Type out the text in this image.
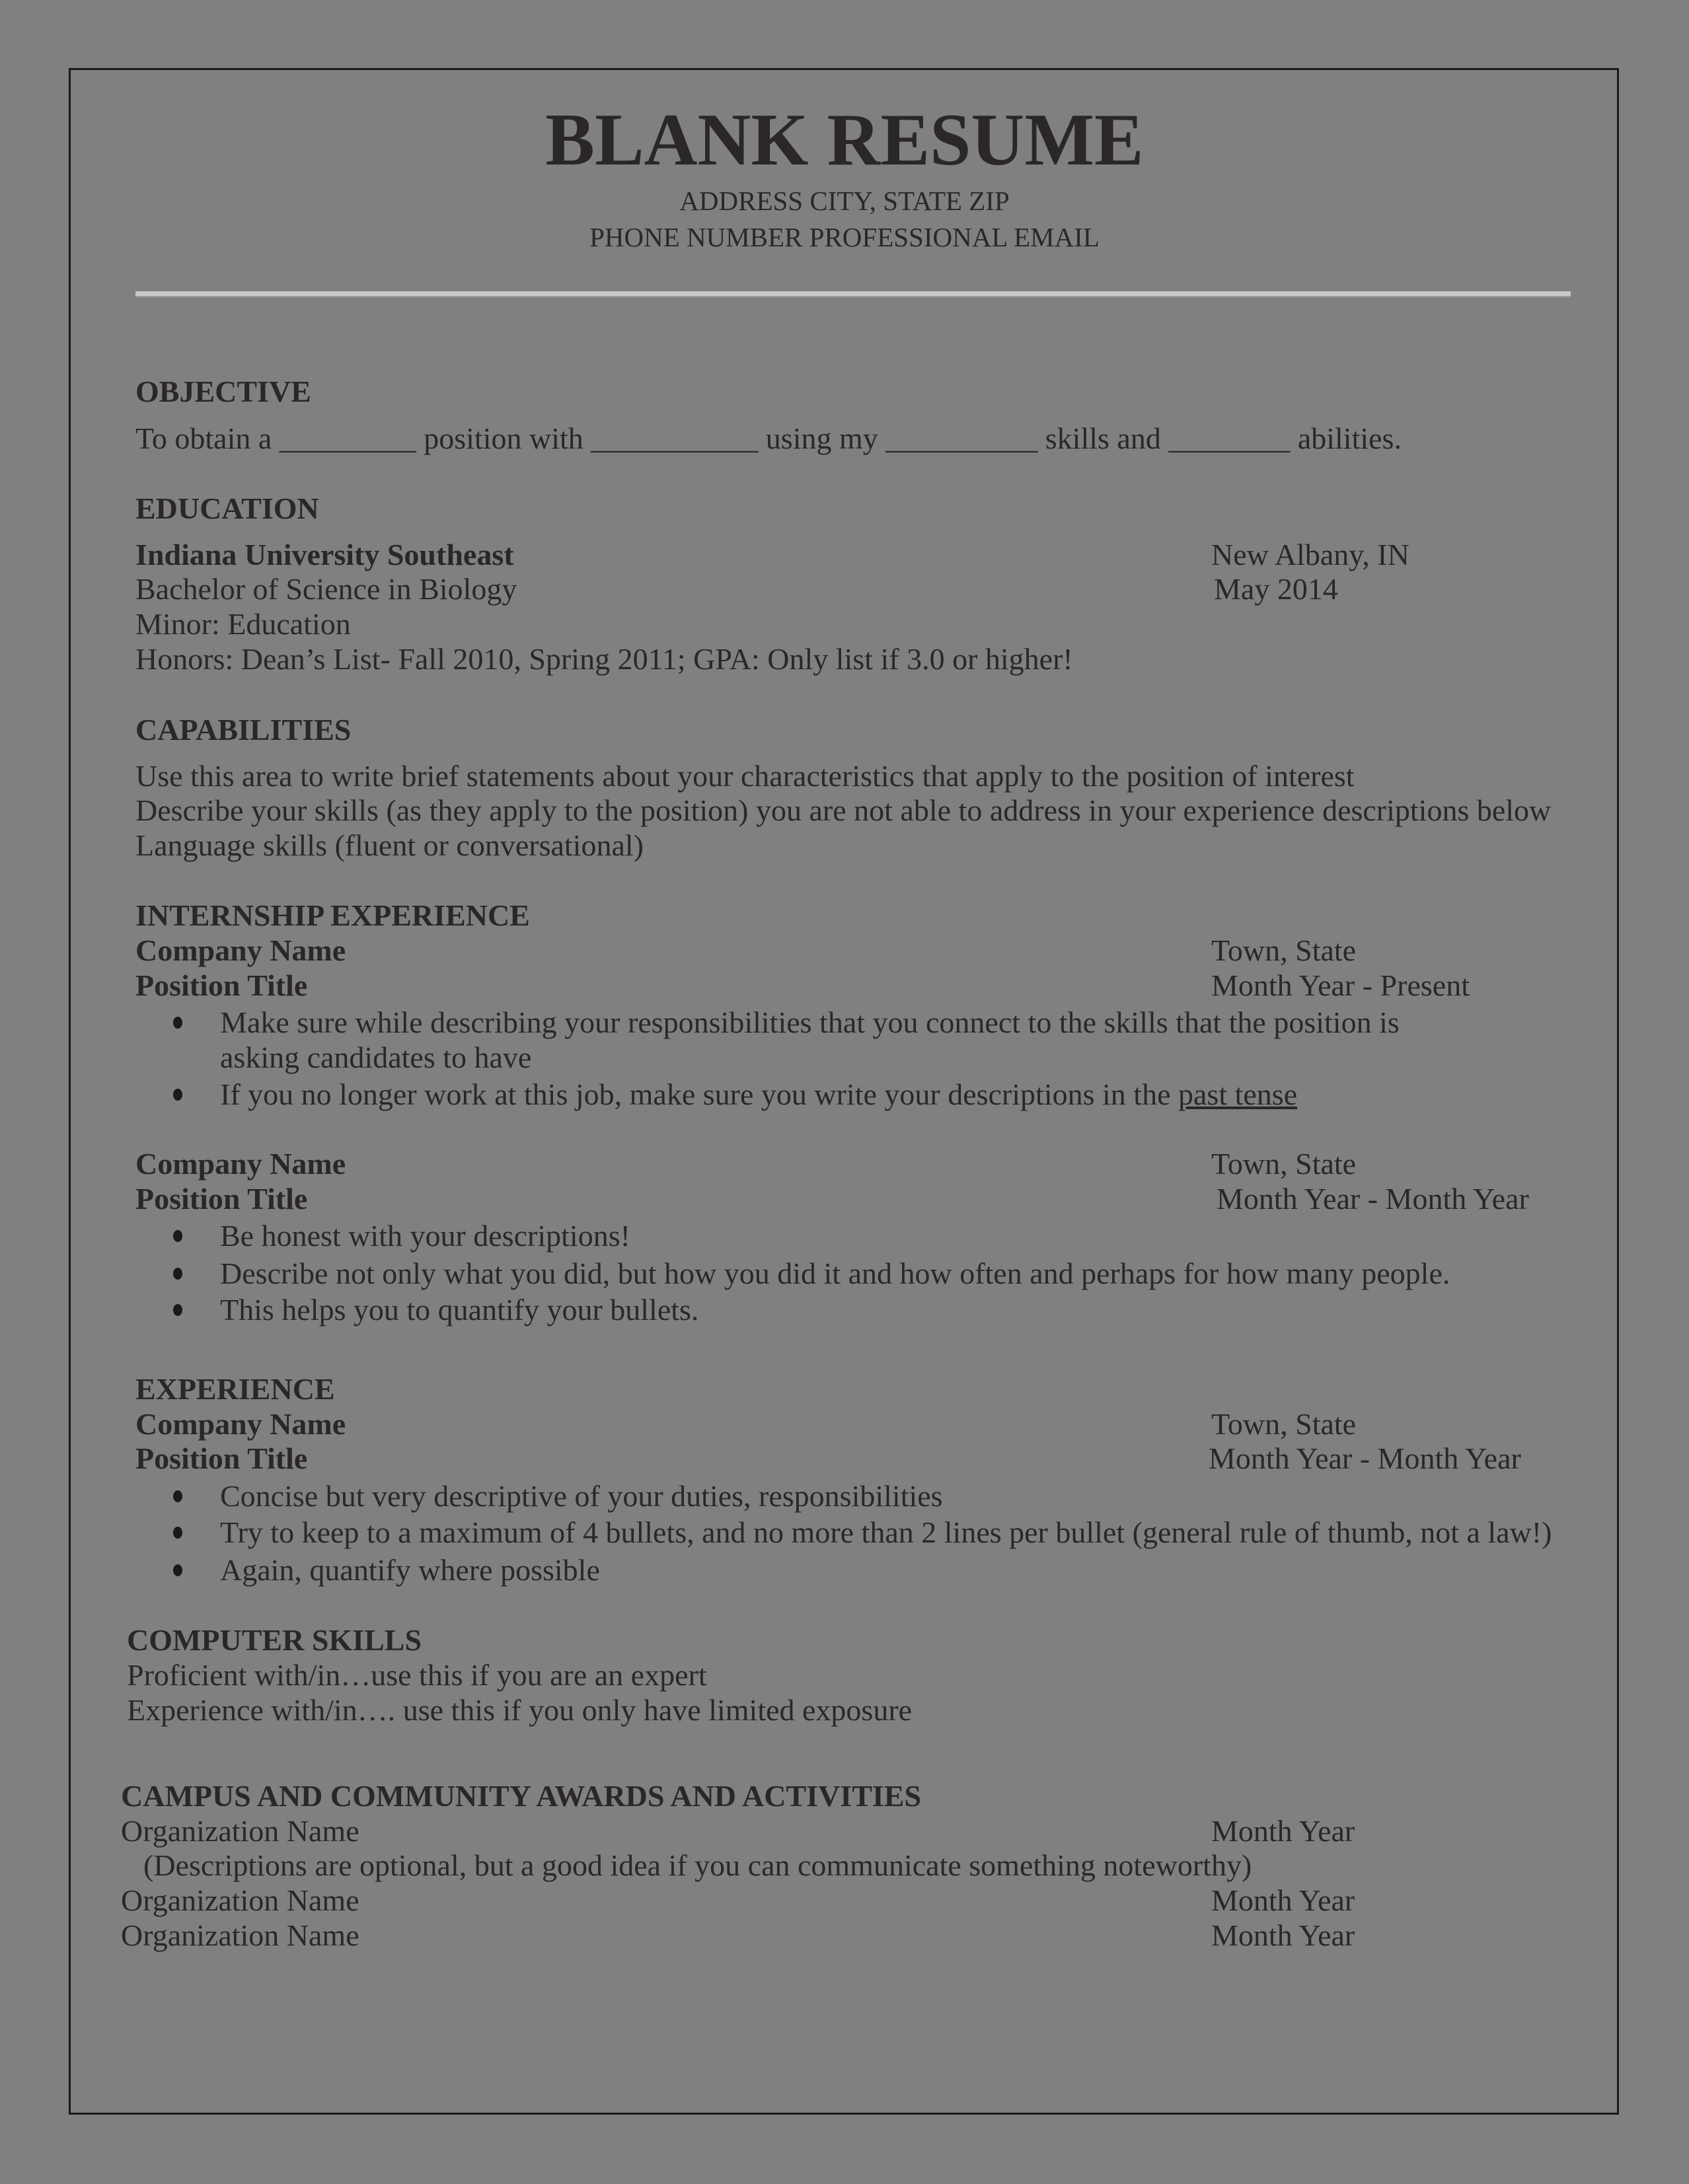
BLANK RESUME
ADDRESS CITY, STATE ZIP
PHONE NUMBER PROFESSIONAL EMAIL
OBJECTIVE
To obtain a _________ position with ___________ using my __________ skills and ________ abilities.
EDUCATION
Indiana University Southeast	New Albany, IN
Bachelor of Science in Biology	May 2014
Minor: Education
Honors: Dean’s List- Fall 2010, Spring 2011; GPA: Only list if 3.0 or higher!
CAPABILITIES
Use this area to write brief statements about your characteristics that apply to the position of interest
Describe your skills (as they apply to the position) you are not able to address in your experience descriptions below
Language skills (fluent or conversational)
INTERNSHIP EXPERIENCE
Company Name	Town, State
Position Title	Month Year - Present
Make sure while describing your responsibilities that you connect to the skills that the position is
asking candidates to have
If you no longer work at this job, make sure you write your descriptions in the past tense
Company Name	Town, State
Position Title	Month Year - Month Year
Be honest with your descriptions!
Describe not only what you did, but how you did it and how often and perhaps for how many people.
This helps you to quantify your bullets.
EXPERIENCE
Company Name	Town, State
Position Title	Month Year - Month Year
Concise but very descriptive of your duties, responsibilities
Try to keep to a maximum of 4 bullets, and no more than 2 lines per bullet (general rule of thumb, not a law!)
Again, quantify where possible
COMPUTER SKILLS
Proficient with/in…use this if you are an expert
Experience with/in…. use this if you only have limited exposure
CAMPUS AND COMMUNITY AWARDS AND ACTIVITIES
Organization Name	Month Year
(Descriptions are optional, but a good idea if you can communicate something noteworthy)
Organization Name	Month Year
Organization Name	Month Year
